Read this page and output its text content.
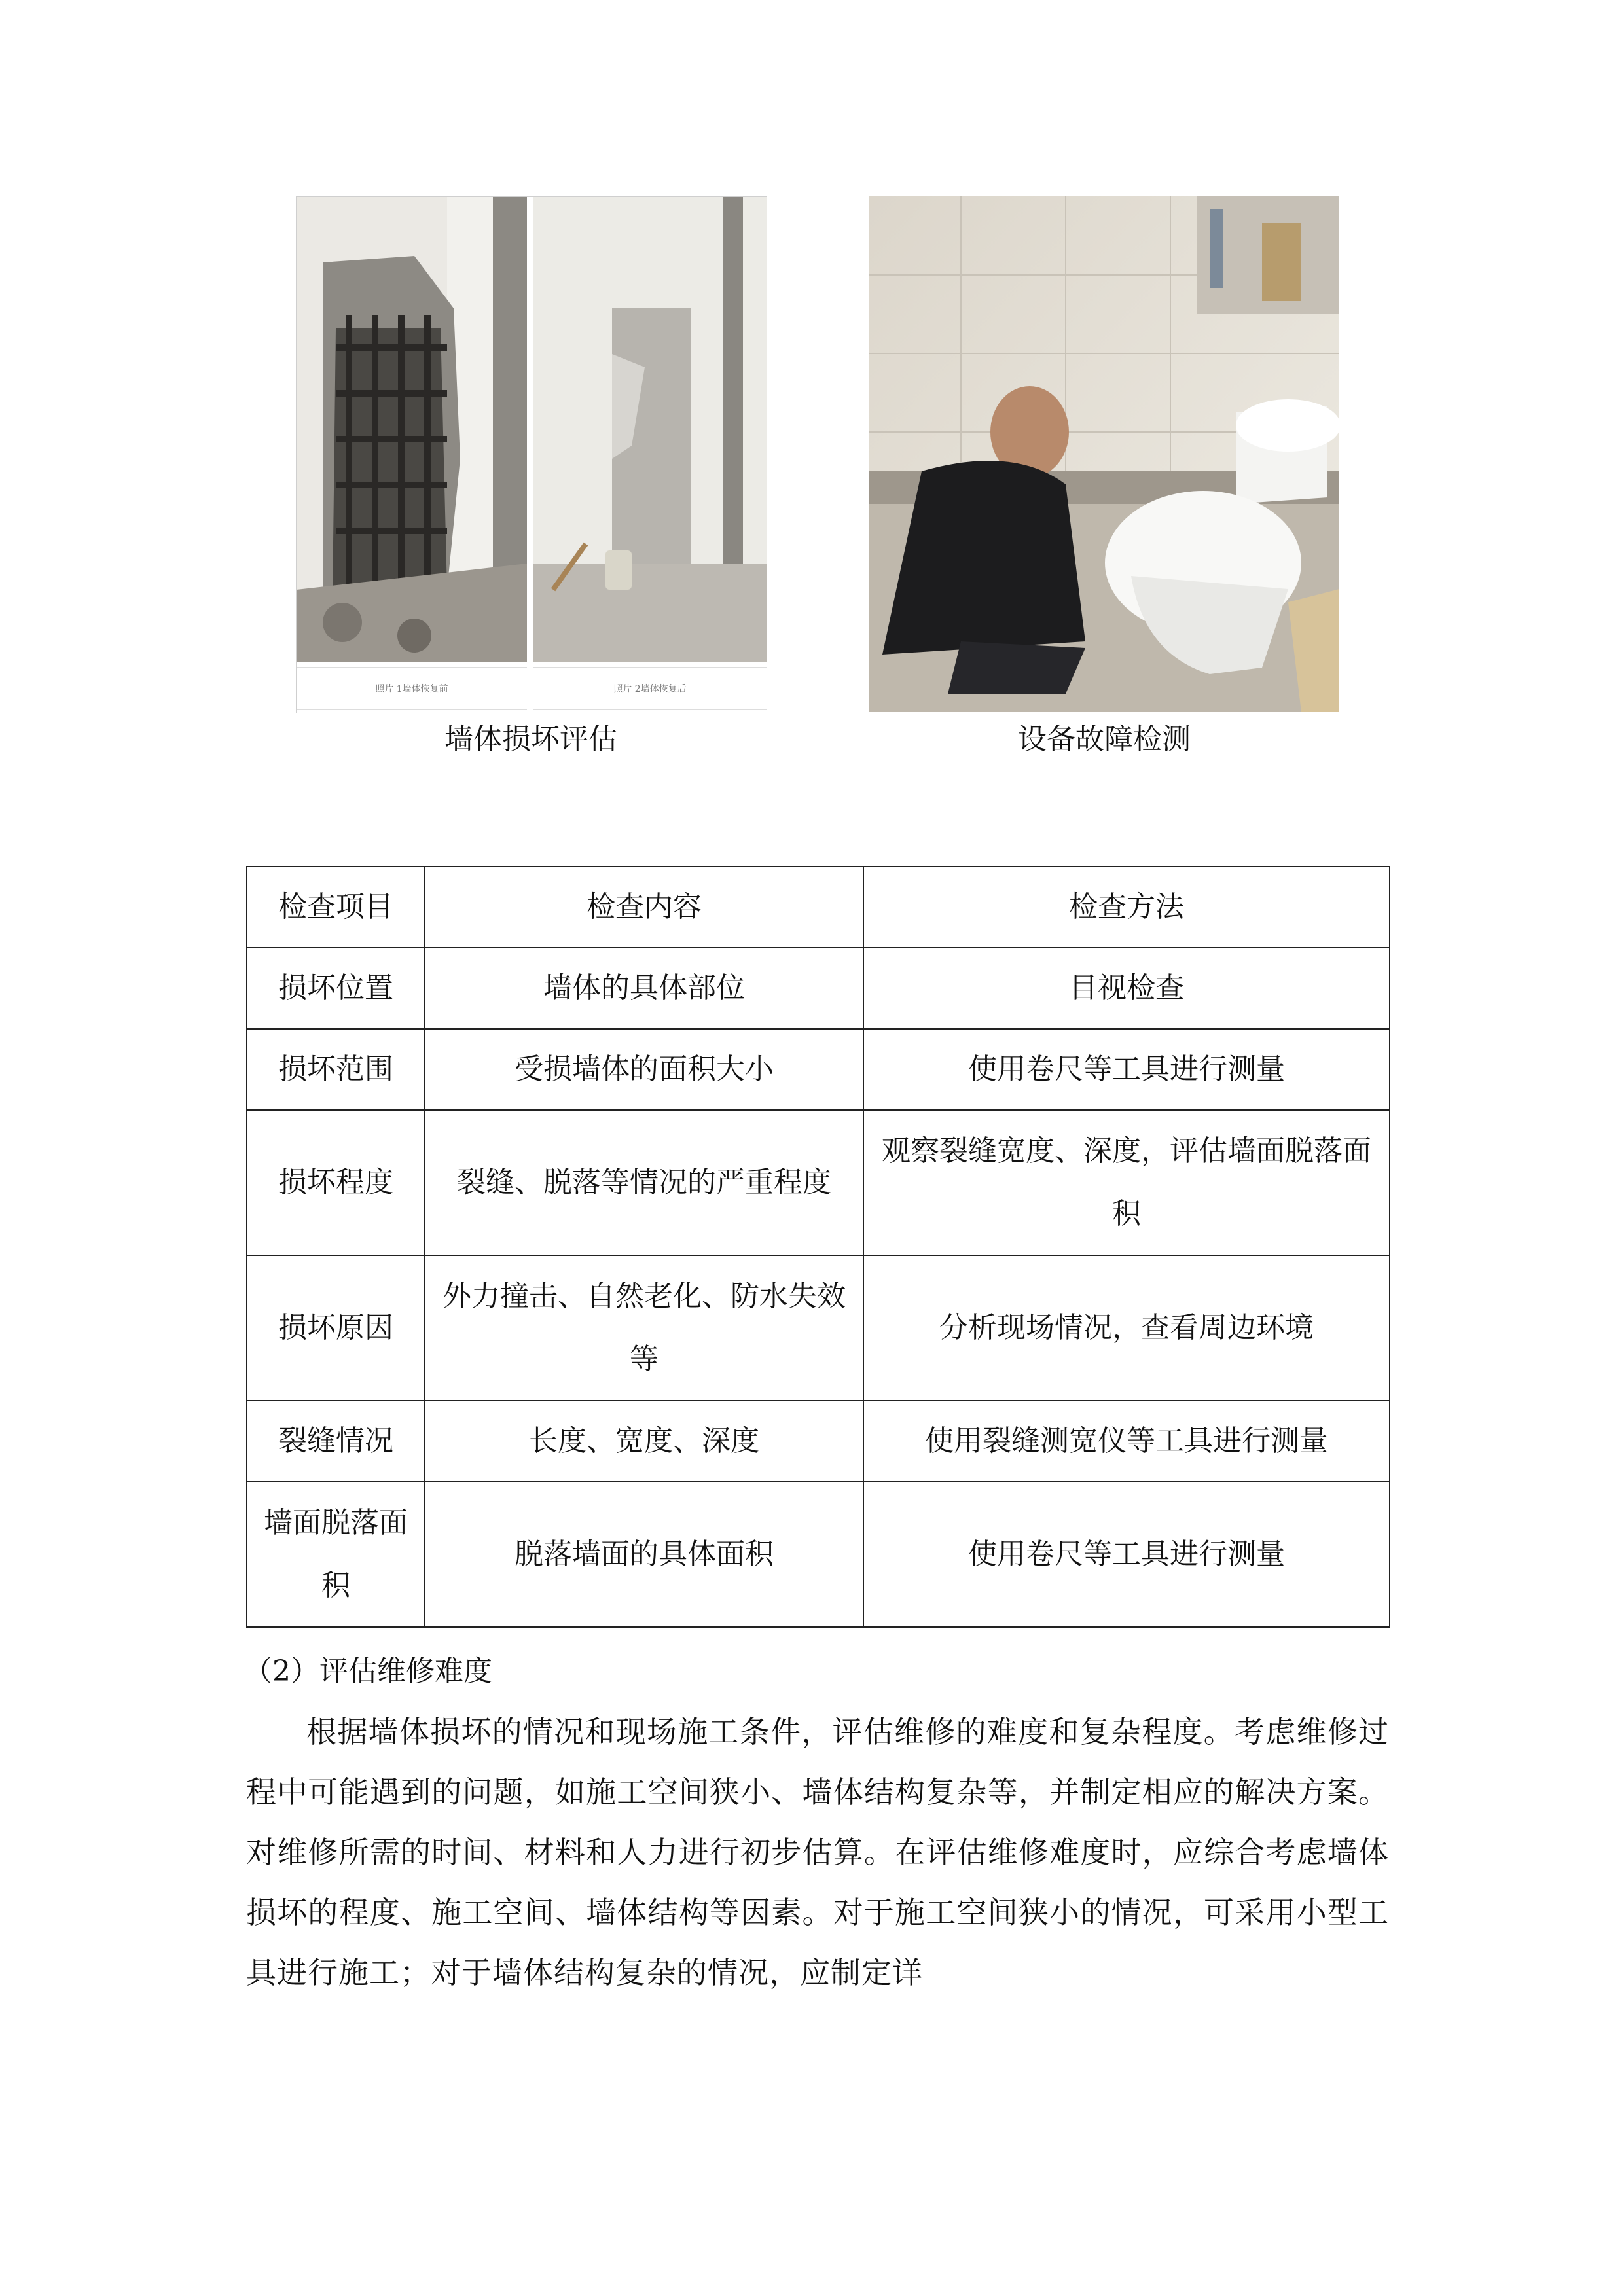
照片 1墙体恢复前	照片 2墙体恢复后
墙体损坏评估	设备故障检测
检查项目	检查内容	检查方法
损坏位置	墙体的具体部位	目视检查
损坏范围	受损墙体的面积大小	使用卷尺等工具进行测量
损坏程度	裂缝、脱落等情况的严重程度	观察裂缝宽度、深度，评估墙面脱落面积
损坏原因	外力撞击、自然老化、防水失效等	分析现场情况，查看周边环境
裂缝情况	长度、宽度、深度	使用裂缝测宽仪等工具进行测量
墙面脱落面积	脱落墙面的具体面积	使用卷尺等工具进行测量
（2）评估维修难度
根据墙体损坏的情况和现场施工条件，评估维修的难度和复杂程度。考虑维修过程中可能遇到的问题，如施工空间狭小、墙体结构复杂等，并制定相应的解决方案。对维修所需的时间、材料和人力进行初步估算。在评估维修难度时，应综合考虑墙体损坏的程度、施工空间、墙体结构等因素。对于施工空间狭小的情况，可采用小型工具进行施工；对于墙体结构复杂的情况，应制定详
